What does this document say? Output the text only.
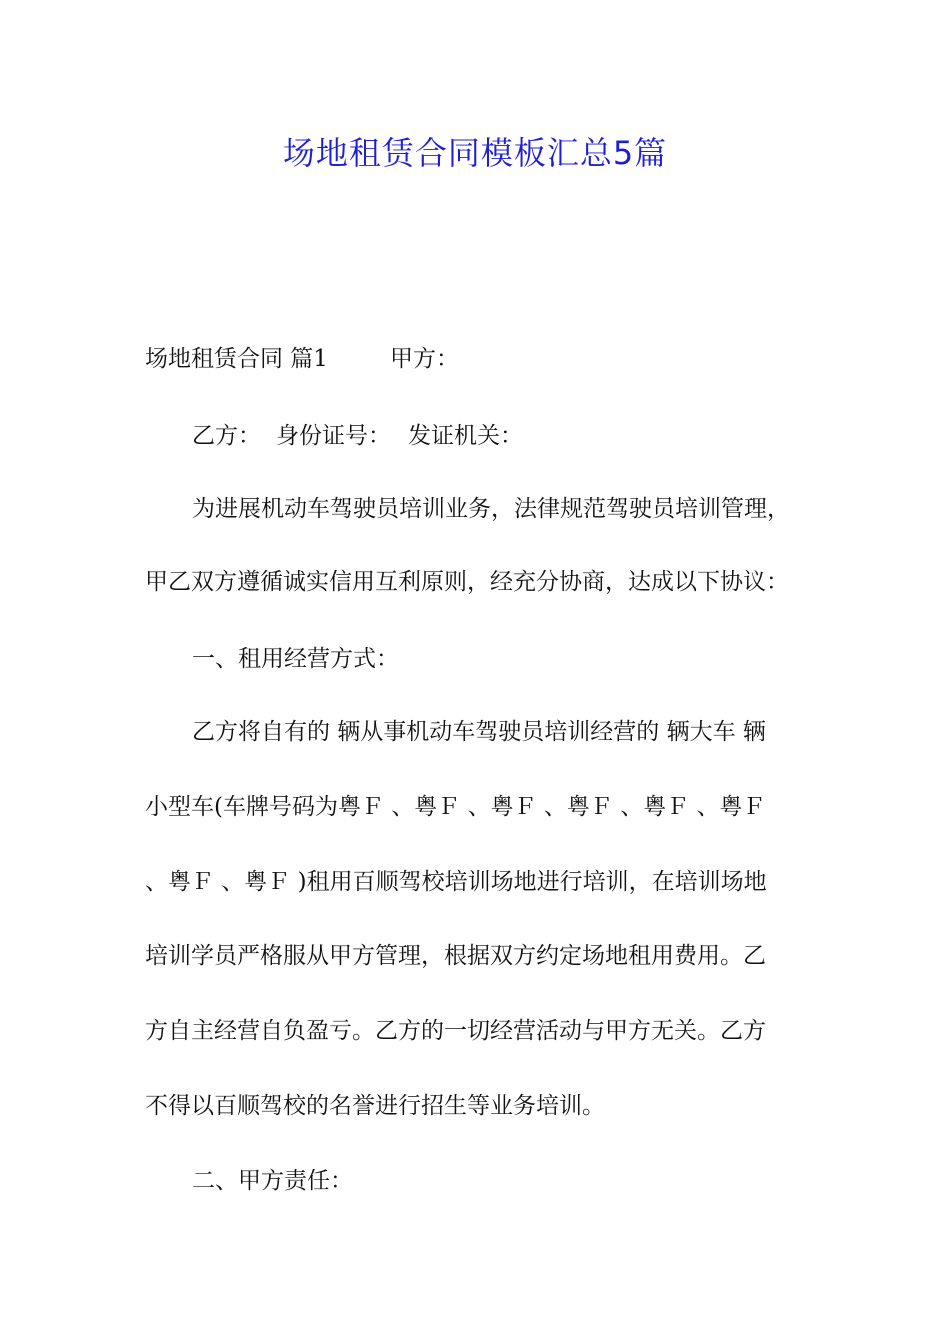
场地租赁合同模板汇总5篇
场地租赁合同 篇1	甲方：
乙方： 身份证号： 发证机关：
为进展机动车驾驶员培训业务，法律规范驾驶员培训管理，
甲乙双方遵循诚实信用互利原则，经充分协商，达成以下协议：
一、租用经营方式：
乙方将自有的 辆从事机动车驾驶员培训经营的 辆大车 辆
小型车(车牌号码为粤Ｆ 、粤Ｆ 、粤Ｆ 、粤Ｆ 、粤Ｆ 、粤Ｆ
、粤Ｆ 、粤Ｆ )租用百顺驾校培训场地进行培训，在培训场地
培训学员严格服从甲方管理，根据双方约定场地租用费用。乙
方自主经营自负盈亏。乙方的一切经营活动与甲方无关。乙方
不得以百顺驾校的名誉进行招生等业务培训。
二、甲方责任：
